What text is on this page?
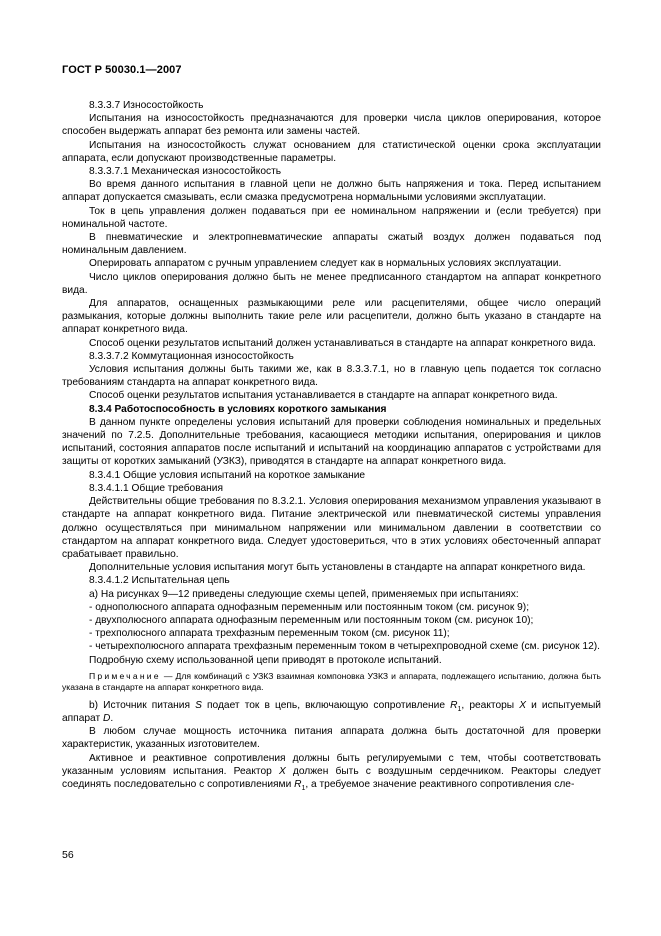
ГОСТ Р 50030.1—2007

8.3.3.7 Износостойкость

Испытания на износостойкость предназначаются для проверки числа циклов оперирования, которое способен выдержать аппарат без ремонта или замены частей.

Испытания на износостойкость служат основанием для статистической оценки срока эксплуатации аппарата, если допускают производственные параметры.

8.3.3.7.1 Механическая износостойкость

Во время данного испытания в главной цепи не должно быть напряжения и тока. Перед испытанием аппарат допускается смазывать, если смазка предусмотрена нормальными условиями эксплуатации.

Ток в цепь управления должен подаваться при ее номинальном напряжении и (если требуется) при номинальной частоте.

В пневматические и электропневматические аппараты сжатый воздух должен подаваться под номинальным давлением.

Оперировать аппаратом с ручным управлением следует как в нормальных условиях эксплуатации.

Число циклов оперирования должно быть не менее предписанного стандартом на аппарат конкретного вида.

Для аппаратов, оснащенных размыкающими реле или расцепителями, общее число операций размыкания, которые должны выполнить такие реле или расцепители, должно быть указано в стандарте на аппарат конкретного вида.

Способ оценки результатов испытаний должен устанавливаться в стандарте на аппарат конкретного вида.

8.3.3.7.2 Коммутационная износостойкость

Условия испытания должны быть такими же, как в 8.3.3.7.1, но в главную цепь подается ток согласно требованиям стандарта на аппарат конкретного вида.

Способ оценки результатов испытания устанавливается в стандарте на аппарат конкретного вида.

8.3.4 Работоспособность в условиях короткого замыкания

В данном пункте определены условия испытаний для проверки соблюдения номинальных и предельных значений по 7.2.5. Дополнительные требования, касающиеся методики испытания, оперирования и циклов испытаний, состояния аппаратов после испытаний и испытаний на координацию аппаратов с устройствами для защиты от коротких замыканий (УЗКЗ), приводятся в стандарте на аппарат конкретного вида.

8.3.4.1 Общие условия испытаний на короткое замыкание

8.3.4.1.1 Общие требования

Действительны общие требования по 8.3.2.1. Условия оперирования механизмом управления указывают в стандарте на аппарат конкретного вида. Питание электрической или пневматической системы управления должно осуществляться при минимальном напряжении или минимальном давлении в соответствии со стандартом на аппарат конкретного вида. Следует удостовериться, что в этих условиях обесточенный аппарат срабатывает правильно.

Дополнительные условия испытания могут быть установлены в стандарте на аппарат конкретного вида.

8.3.4.1.2 Испытательная цепь

а) На рисунках 9—12 приведены следующие схемы цепей, применяемых при испытаниях:

- однополюсного аппарата однофазным переменным или постоянным током (см. рисунок 9);

- двухполюсного аппарата однофазным переменным или постоянным током (см. рисунок 10);

- трехполюсного аппарата трехфазным переменным током (см. рисунок 11);

- четырехполюсного аппарата трехфазным переменным током в четырехпроводной схеме (см. рисунок 12).

Подробную схему использованной цепи приводят в протоколе испытаний.

Примечание — Для комбинаций с УЗКЗ взаимная компоновка УЗКЗ и аппарата, подлежащего испытанию, должна быть указана в стандарте на аппарат конкретного вида.

b) Источник питания S подает ток в цепь, включающую сопротивление $R_1$, реакторы X и испытуемый аппарат D.

В любом случае мощность источника питания аппарата должна быть достаточной для проверки характеристик, указанных изготовителем.

Активное и реактивное сопротивления должны быть регулируемыми с тем, чтобы соответствовать указанным условиям испытания. Реактор X должен быть с воздушным сердечником. Реакторы следует соединять последовательно с сопротивлениями $R_1$, а требуемое значение реактивного сопротивления сле-

56
